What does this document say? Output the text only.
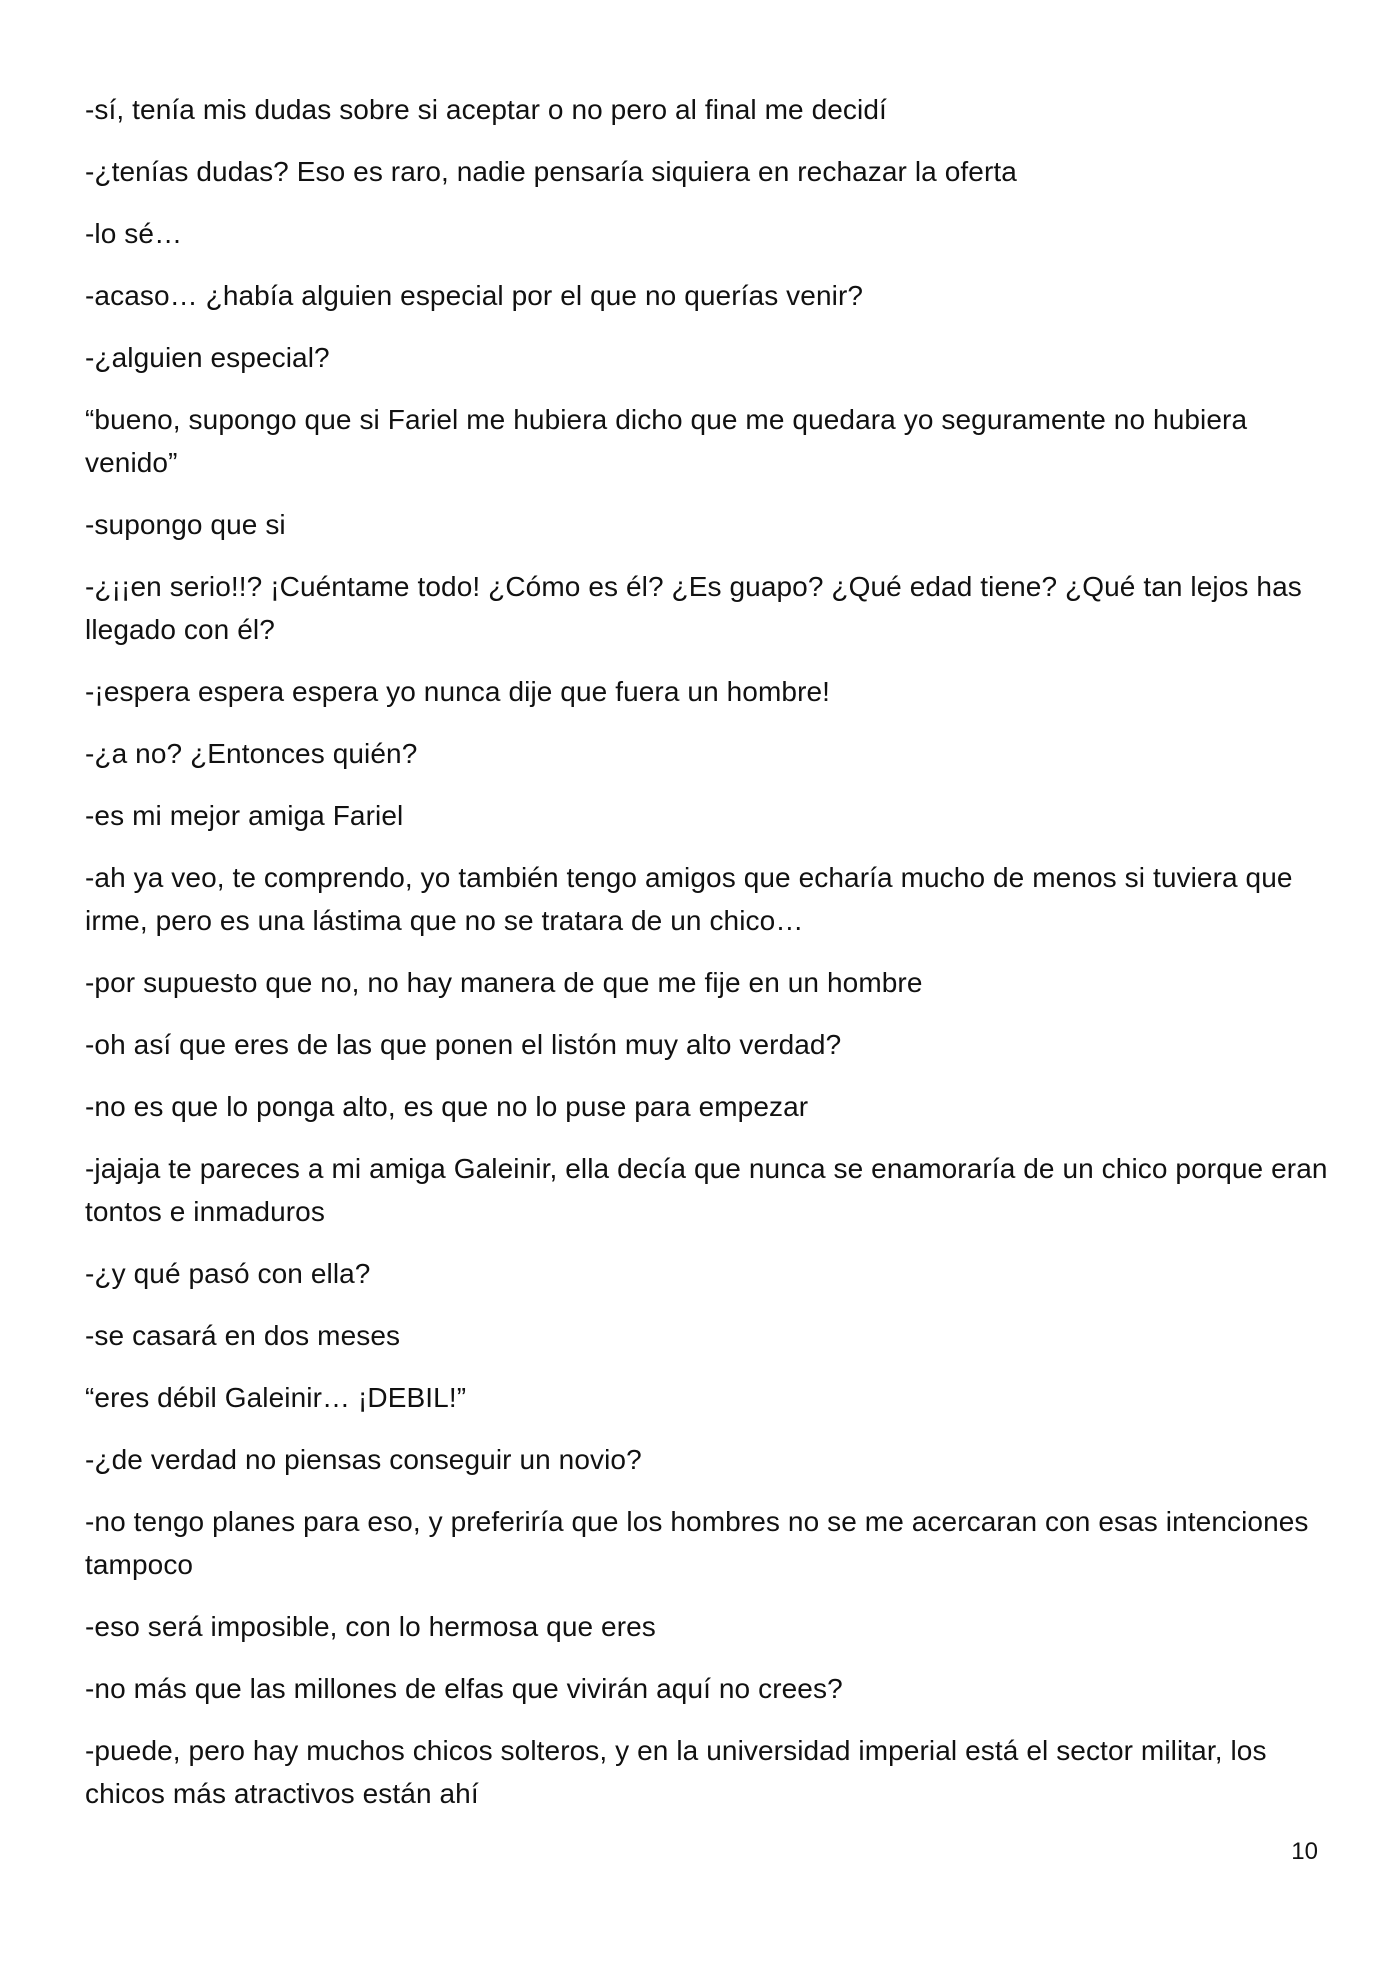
-sí, tenía mis dudas sobre si aceptar o no pero al final me decidí

-¿tenías dudas? Eso es raro, nadie pensaría siquiera en rechazar la oferta

-lo sé…

-acaso… ¿había alguien especial por el que no querías venir?

-¿alguien especial?

“bueno, supongo que si Fariel me hubiera dicho que me quedara yo seguramente no hubiera venido”

-supongo que si

-¿¡¡en serio!!? ¡Cuéntame todo! ¿Cómo es él? ¿Es guapo? ¿Qué edad tiene? ¿Qué tan lejos has llegado con él?

-¡espera espera espera yo nunca dije que fuera un hombre!

-¿a no? ¿Entonces quién?

-es mi mejor amiga Fariel

-ah ya veo, te comprendo, yo también tengo amigos que echaría mucho de menos si tuviera que irme, pero es una lástima que no se tratara de un chico…

-por supuesto que no, no hay manera de que me fije en un hombre

-oh así que eres de las que ponen el listón muy alto verdad?

-no es que lo ponga alto, es que no lo puse para empezar

-jajaja te pareces a mi amiga Galeinir, ella decía que nunca se enamoraría de un chico porque eran tontos e inmaduros

-¿y qué pasó con ella?

-se casará en dos meses

“eres débil Galeinir… ¡DEBIL!”

-¿de verdad no piensas conseguir un novio?

-no tengo planes para eso, y preferiría que los hombres no se me acercaran con esas intenciones tampoco

-eso será imposible, con lo hermosa que eres

-no más que las millones de elfas que vivirán aquí no crees?

-puede, pero hay muchos chicos solteros, y en la universidad imperial está el sector militar, los chicos más atractivos están ahí

10
